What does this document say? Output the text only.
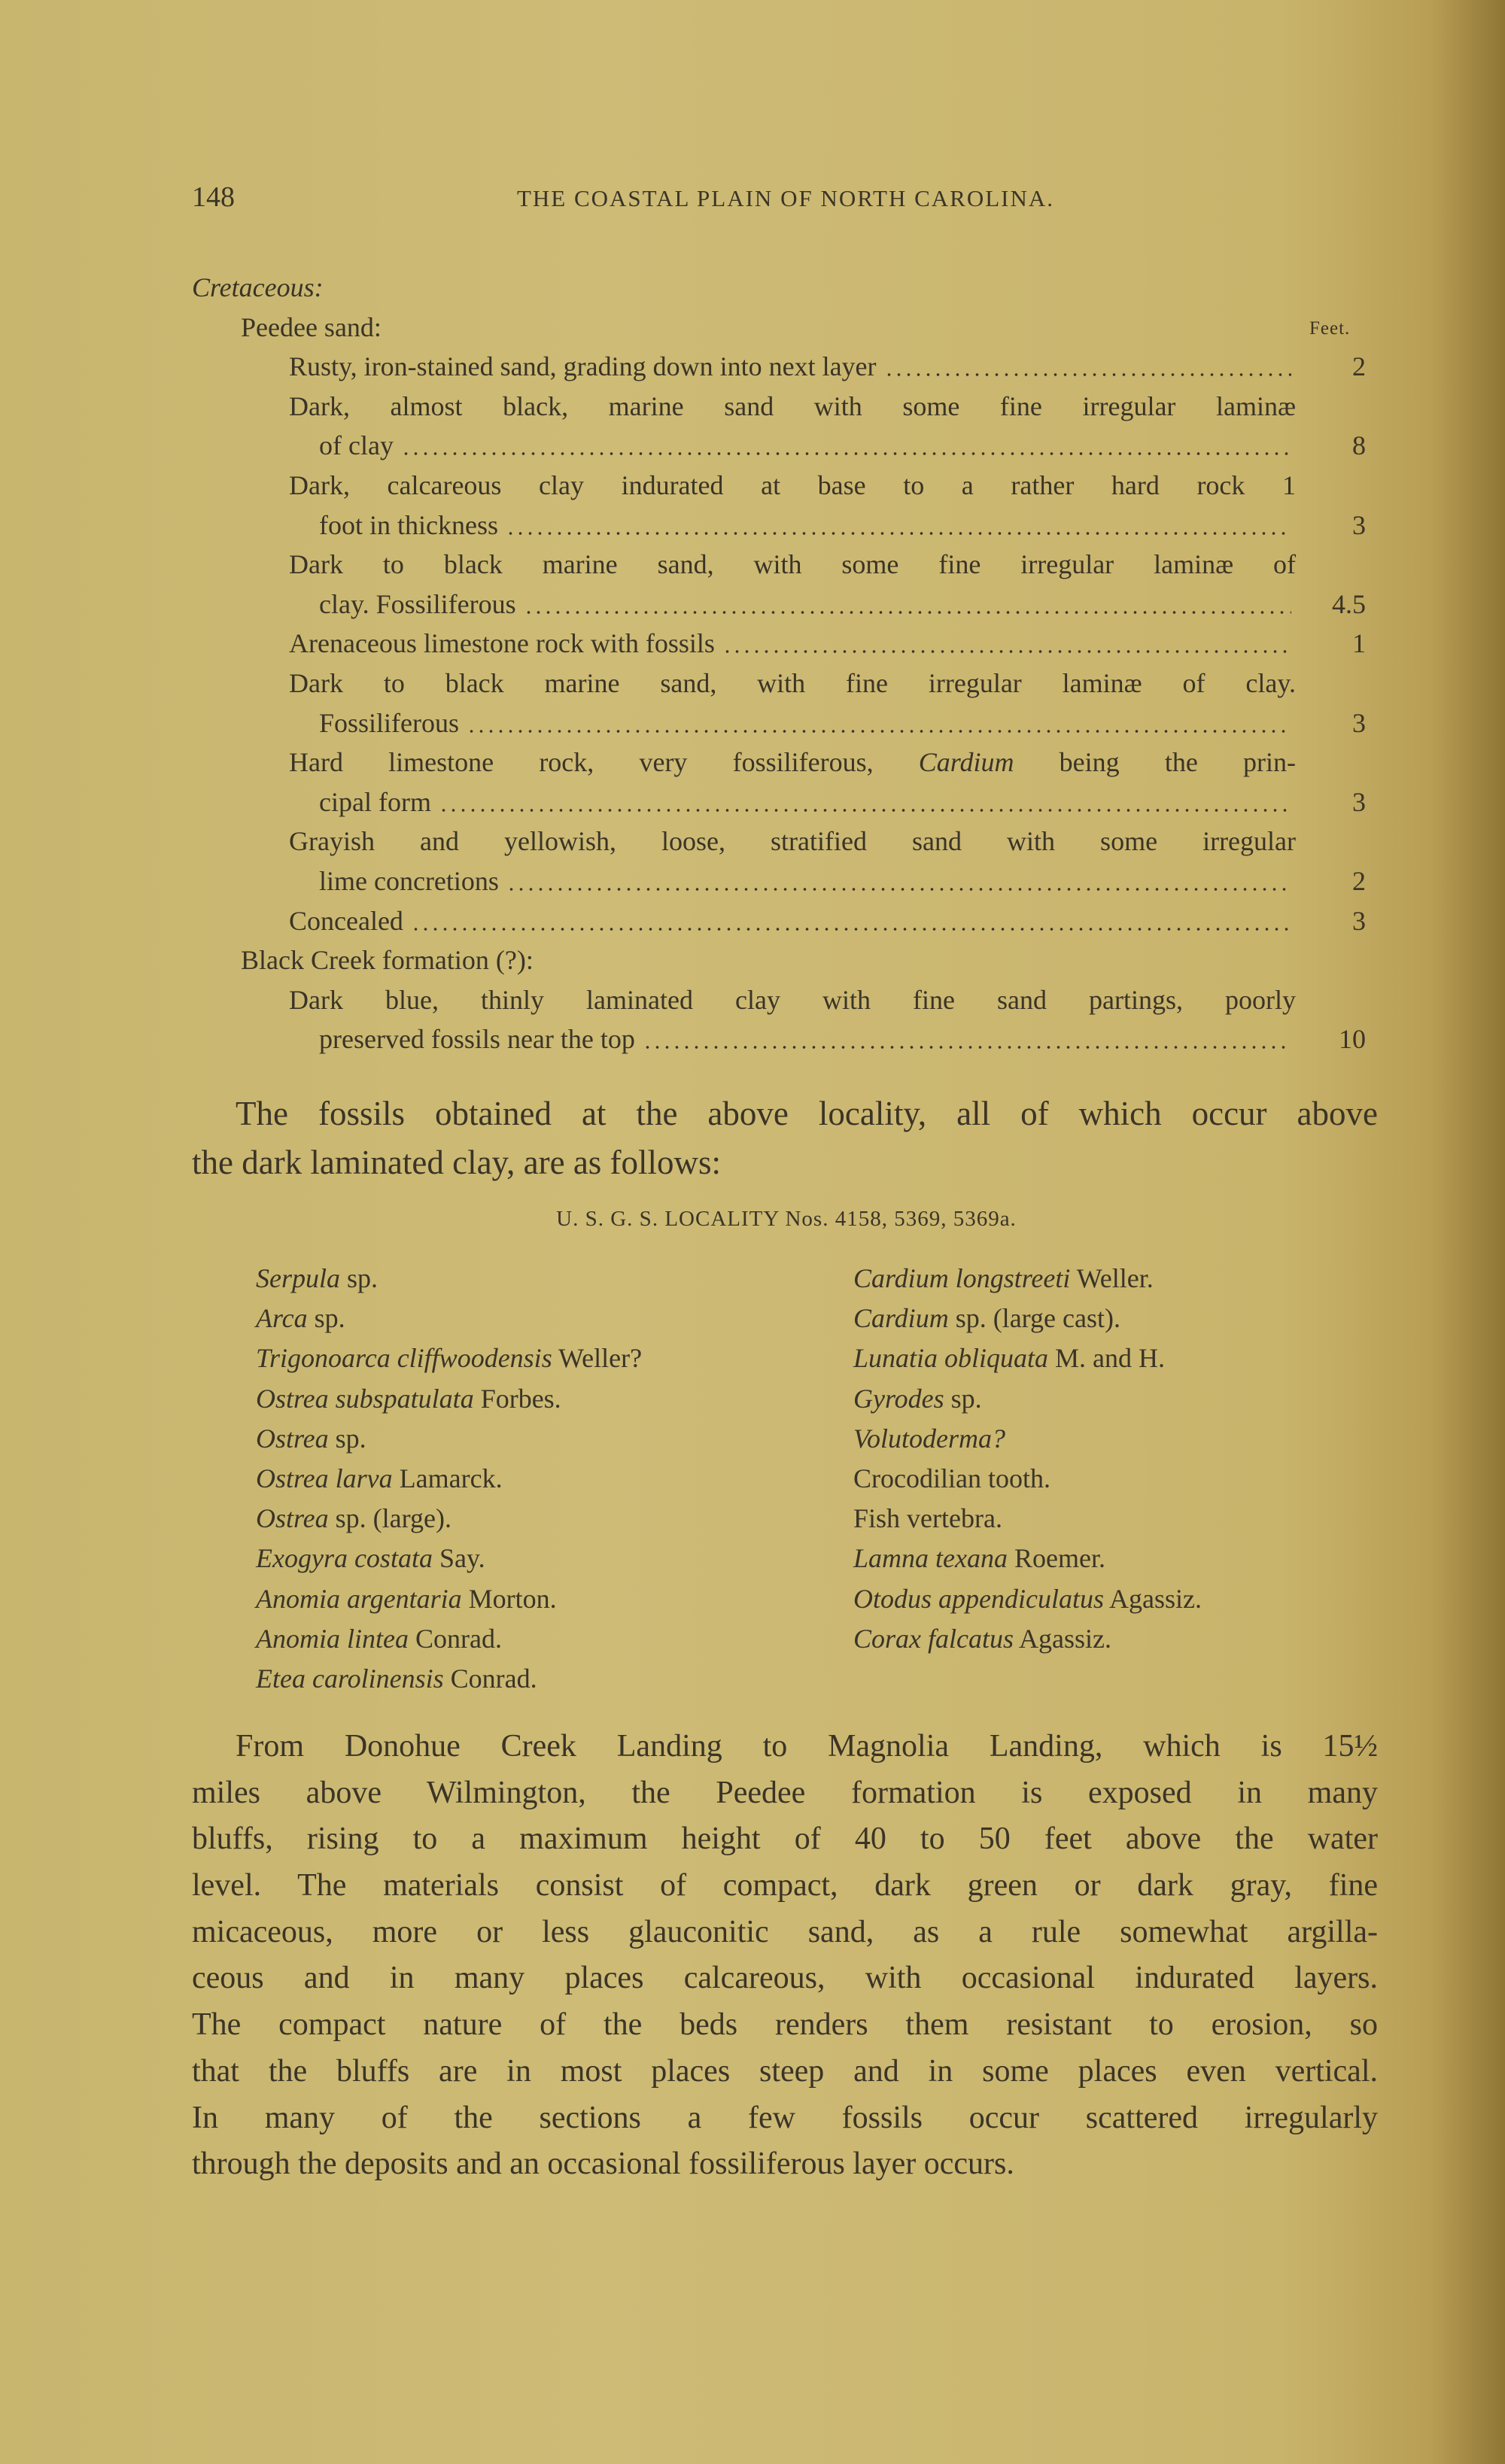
148	THE COASTAL PLAIN OF NORTH CAROLINA.
Feet.
Cretaceous:
Peedee sand:
Rusty, iron-stained sand, grading down into next layer	2
Dark, almost black, marine sand with some fine irregular laminæ
of clay	8
Dark, calcareous clay indurated at base to a rather hard rock 1
foot in thickness	3
Dark to black marine sand, with some fine irregular laminæ of
clay. Fossiliferous	4.5
Arenaceous limestone rock with fossils	1
Dark to black marine sand, with fine irregular laminæ of clay.
Fossiliferous	3
Hard limestone rock, very fossiliferous, Cardium being the prin-
cipal form	3
Grayish and yellowish, loose, stratified sand with some irregular
lime concretions	2
Concealed	3
Black Creek formation (?):
Dark blue, thinly laminated clay with fine sand partings, poorly
preserved fossils near the top	10
The fossils obtained at the above locality, all of which occur above
the dark laminated clay, are as follows:
U. S. G. S. LOCALITY Nos. 4158, 5369, 5369a.
Serpula sp.
Arca sp.
Trigonoarca cliffwoodensis Weller?
Ostrea subspatulata Forbes.
Ostrea sp.
Ostrea larva Lamarck.
Ostrea sp. (large).
Exogyra costata Say.
Anomia argentaria Morton.
Anomia lintea Conrad.
Etea carolinensis Conrad.
Cardium longstreeti Weller.
Cardium sp. (large cast).
Lunatia obliquata M. and H.
Gyrodes sp.
Volutoderma?
Crocodilian tooth.
Fish vertebra.
Lamna texana Roemer.
Otodus appendiculatus Agassiz.
Corax falcatus Agassiz.
From Donohue Creek Landing to Magnolia Landing, which is 15½
miles above Wilmington, the Peedee formation is exposed in many
bluffs, rising to a maximum height of 40 to 50 feet above the water
level. The materials consist of compact, dark green or dark gray, fine
micaceous, more or less glauconitic sand, as a rule somewhat argilla-
ceous and in many places calcareous, with occasional indurated layers.
The compact nature of the beds renders them resistant to erosion, so
that the bluffs are in most places steep and in some places even vertical.
In many of the sections a few fossils occur scattered irregularly
through the deposits and an occasional fossiliferous layer occurs.
